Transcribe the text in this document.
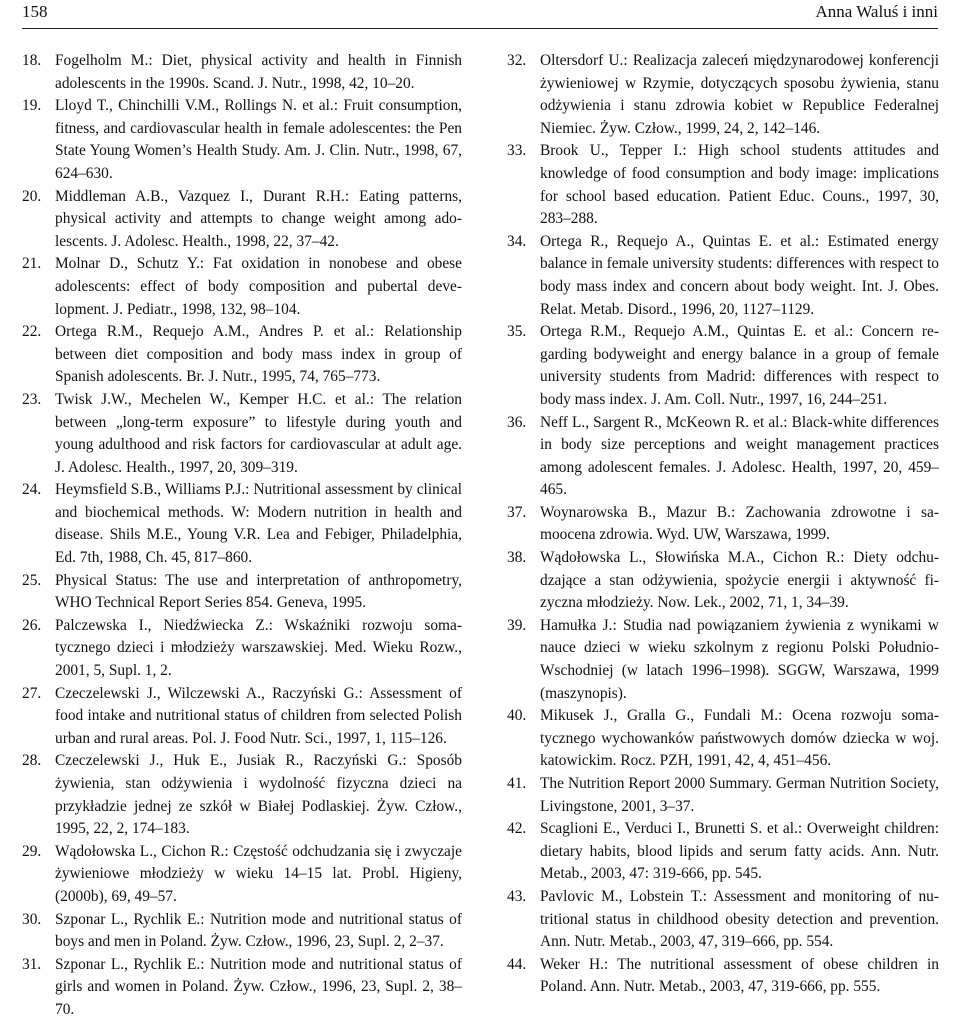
158	Anna Waluś i inni
18. Fogelholm M.: Diet, physical activity and health in Finnish adolescents in the 1990s. Scand. J. Nutr., 1998, 42, 10–20.
19. Lloyd T., Chinchilli V.M., Rollings N. et al.: Fruit consumption, fitness, and cardiovascular health in female adolescentes: the Pen State Young Women’s Health Study. Am. J. Clin. Nutr., 1998, 67, 624–630.
20. Middleman A.B., Vazquez I., Durant R.H.: Eating patterns, physical activity and attempts to change weight among adolescents. J. Adolesc. Health., 1998, 22, 37–42.
21. Molnar D., Schutz Y.: Fat oxidation in nonobese and obese adolescents: effect of body composition and pubertal development. J. Pediatr., 1998, 132, 98–104.
22. Ortega R.M., Requejo A.M., Andres P. et al.: Relationship between diet composition and body mass index in group of Spanish adolescents. Br. J. Nutr., 1995, 74, 765–773.
23. Twisk J.W., Mechelen W., Kemper H.C. et al.: The relation between „long-term exposure” to lifestyle during youth and young adulthood and risk factors for cardiovascular at adult age. J. Adolesc. Health., 1997, 20, 309–319.
24. Heymsfield S.B., Williams P.J.: Nutritional assessment by clinical and biochemical methods. W: Modern nutrition in health and disease. Shils M.E., Young V.R. Lea and Febiger, Philadelphia, Ed. 7th, 1988, Ch. 45, 817–860.
25. Physical Status: The use and interpretation of anthropometry, WHO Technical Report Series 854. Geneva, 1995.
26. Palczewska I., Niedźwiecka Z.: Wskaźniki rozwoju somatycznego dzieci i młodzieży warszawskiej. Med. Wieku Rozw., 2001, 5, Supl. 1, 2.
27. Czeczelewski J., Wilczewski A., Raczyński G.: Assessment of food intake and nutritional status of children from selected Polish urban and rural areas. Pol. J. Food Nutr. Sci., 1997, 1, 115–126.
28. Czeczelewski J., Huk E., Jusiak R., Raczyński G.: Sposób żywienia, stan odżywienia i wydolność fizyczna dzieci na przykładzie jednej ze szkół w Białej Podlaskiej. Żyw. Człow., 1995, 22, 2, 174–183.
29. Wądołowska L., Cichon R.: Częstość odchudzania się i zwyczaje żywieniowe młodzieży w wieku 14–15 lat. Probl. Higieny, (2000b), 69, 49–57.
30. Szponar L., Rychlik E.: Nutrition mode and nutritional status of boys and men in Poland. Żyw. Człow., 1996, 23, Supl. 2, 2–37.
31. Szponar L., Rychlik E.: Nutrition mode and nutritional status of girls and women in Poland. Żyw. Człow., 1996, 23, Supl. 2, 38–70.
32. Oltersdorf U.: Realizacja zaleceń międzynarodowej konferencji żywieniowej w Rzymie, dotyczących sposobu żywienia, stanu odżywienia i stanu zdrowia kobiet w Republice Federalnej Niemiec. Żyw. Człow., 1999, 24, 2, 142–146.
33. Brook U., Tepper I.: High school students attitudes and knowledge of food consumption and body image: implications for school based education. Patient Educ. Couns., 1997, 30, 283–288.
34. Ortega R., Requejo A., Quintas E. et al.: Estimated energy balance in female university students: differences with respect to body mass index and concern about body weight. Int. J. Obes. Relat. Metab. Disord., 1996, 20, 1127–1129.
35. Ortega R.M., Requejo A.M., Quintas E. et al.: Concern regarding bodyweight and energy balance in a group of female university students from Madrid: differences with respect to body mass index. J. Am. Coll. Nutr., 1997, 16, 244–251.
36. Neff L., Sargent R., McKeown R. et al.: Black-white differences in body size perceptions and weight management practices among adolescent females. J. Adolesc. Health, 1997, 20, 459–465.
37. Woynarowska B., Mazur B.: Zachowania zdrowotne i samoocena zdrowia. Wyd. UW, Warszawa, 1999.
38. Wądołowska L., Słowińska M.A., Cichon R.: Diety odchudzające a stan odżywienia, spożycie energii i aktywność fizyczna młodzieży. Now. Lek., 2002, 71, 1, 34–39.
39. Hamułka J.: Studia nad powiązaniem żywienia z wynikami w nauce dzieci w wieku szkolnym z regionu Polski Południo-Wschodniej (w latach 1996–1998). SGGW, Warszawa, 1999 (maszynopis).
40. Mikusek J., Gralla G., Fundali M.: Ocena rozwoju somatycznego wychowanków państwowych domów dziecka w woj. katowickim. Rocz. PZH, 1991, 42, 4, 451–456.
41. The Nutrition Report 2000 Summary. German Nutrition Society, Livingstone, 2001, 3–37.
42. Scaglioni E., Verduci I., Brunetti S. et al.: Overweight children: dietary habits, blood lipids and serum fatty acids. Ann. Nutr. Metab., 2003, 47: 319-666, pp. 545.
43. Pavlovic M., Lobstein T.: Assessment and monitoring of nutritional status in childhood obesity detection and prevention. Ann. Nutr. Metab., 2003, 47, 319–666, pp. 554.
44. Weker H.: The nutritional assessment of obese children in Poland. Ann. Nutr. Metab., 2003, 47, 319-666, pp. 555.
